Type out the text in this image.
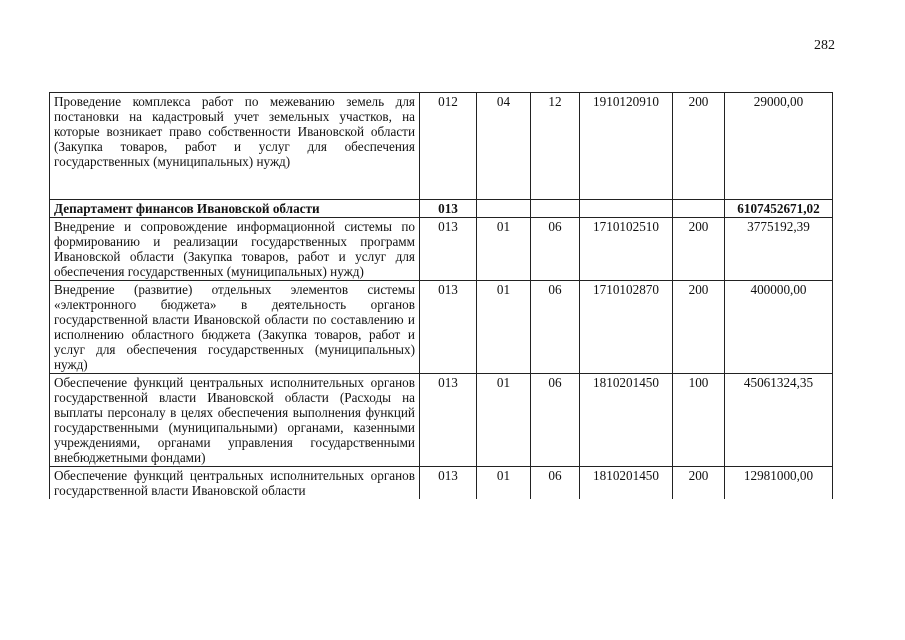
282
Проведение комплекса работ по межеванию земель для постановки на кадастровый учет земельных участков, на которые возникает право собственности Ивановской области (Закупка товаров, работ и услуг для обеспечения государственных (муниципальных) нужд)	012	04	12	1910120910	200	29000,00
Департамент финансов Ивановской области	013					6107452671,02
Внедрение и сопровождение информационной системы по формированию и реализации государственных программ Ивановской области (Закупка товаров, работ и услуг для обеспечения государственных (муниципальных) нужд)	013	01	06	1710102510	200	3775192,39
Внедрение (развитие) отдельных элементов системы «электронного бюджета» в деятельность органов государственной власти Ивановской области по составлению и исполнению областного бюджета (Закупка товаров, работ и услуг для обеспечения государственных (муниципальных) нужд)	013	01	06	1710102870	200	400000,00
Обеспечение функций центральных исполнительных органов государственной власти Ивановской области (Расходы на выплаты персоналу в целях обеспечения выполнения функций государственными (муниципальными) органами, казенными учреждениями, органами управления государственными внебюджетными фондами)	013	01	06	1810201450	100	45061324,35
Обеспечение функций центральных исполнительных органов государственной власти Ивановской области	013	01	06	1810201450	200	12981000,00
